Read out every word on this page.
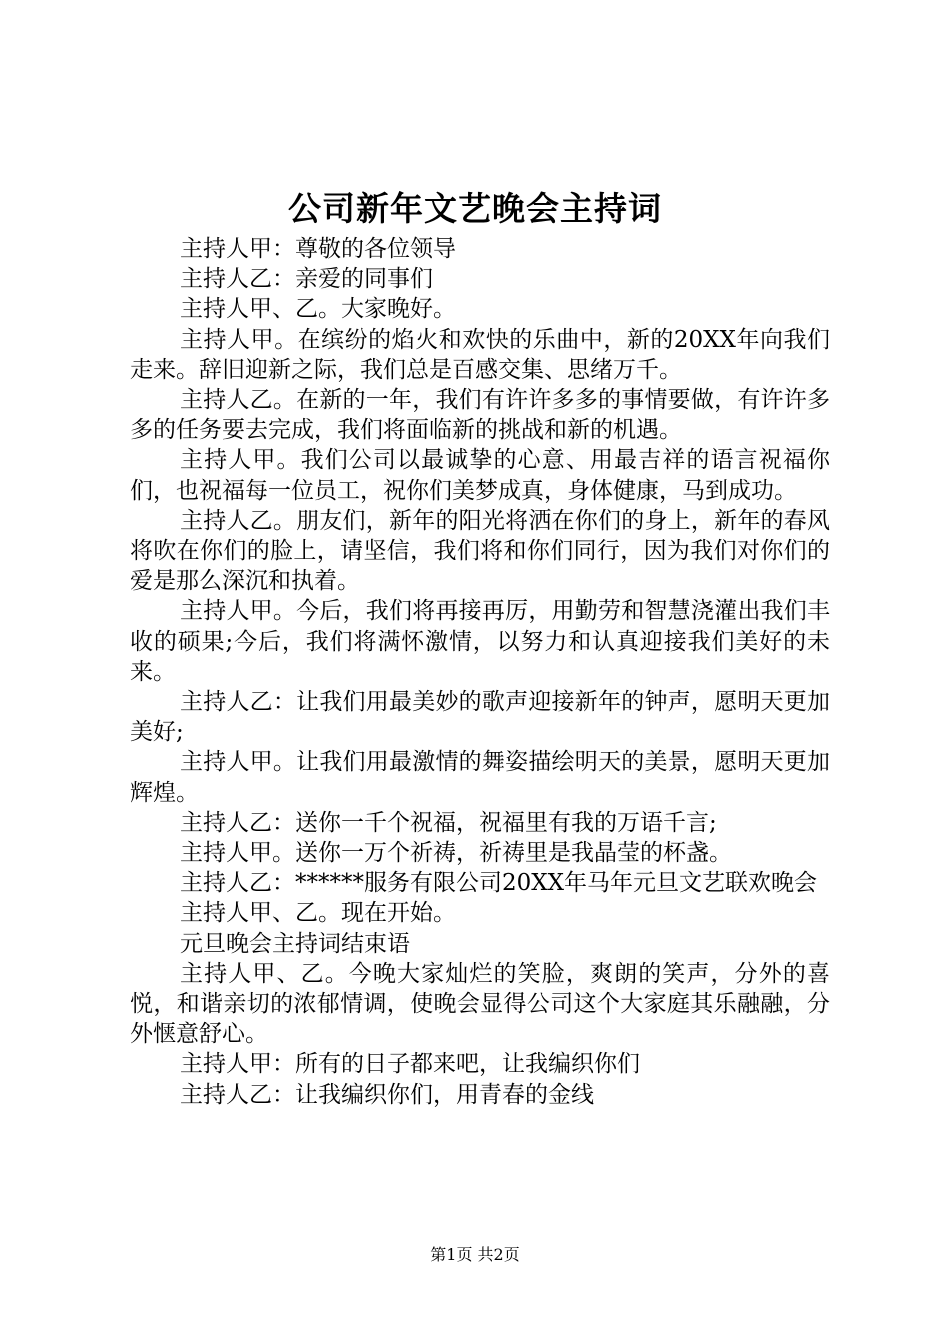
公司新年文艺晚会主持词

主持人甲：尊敬的各位领导

主持人乙：亲爱的同事们

主持人甲、乙。大家晚好。

主持人甲。在缤纷的焰火和欢快的乐曲中，新的20XX年向我们走来。辞旧迎新之际，我们总是百感交集、思绪万千。

主持人乙。在新的一年，我们有许许多多的事情要做，有许许多多的任务要去完成，我们将面临新的挑战和新的机遇。

主持人甲。我们公司以最诚挚的心意、用最吉祥的语言祝福你们，也祝福每一位员工，祝你们美梦成真，身体健康，马到成功。

主持人乙。朋友们，新年的阳光将洒在你们的身上，新年的春风将吹在你们的脸上，请坚信，我们将和你们同行，因为我们对你们的爱是那么深沉和执着。

主持人甲。今后，我们将再接再厉，用勤劳和智慧浇灌出我们丰收的硕果;今后，我们将满怀激情，以努力和认真迎接我们美好的未来。

主持人乙：让我们用最美妙的歌声迎接新年的钟声，愿明天更加美好;

主持人甲。让我们用最激情的舞姿描绘明天的美景，愿明天更加辉煌。

主持人乙：送你一千个祝福，祝福里有我的万语千言;

主持人甲。送你一万个祈祷，祈祷里是我晶莹的杯盏。

主持人乙：******服务有限公司20XX年马年元旦文艺联欢晚会

主持人甲、乙。现在开始。

元旦晚会主持词结束语

主持人甲、乙。今晚大家灿烂的笑脸，爽朗的笑声，分外的喜悦，和谐亲切的浓郁情调，使晚会显得公司这个大家庭其乐融融，分外惬意舒心。

主持人甲：所有的日子都来吧，让我编织你们

主持人乙：让我编织你们，用青春的金线

第1页 共2页
